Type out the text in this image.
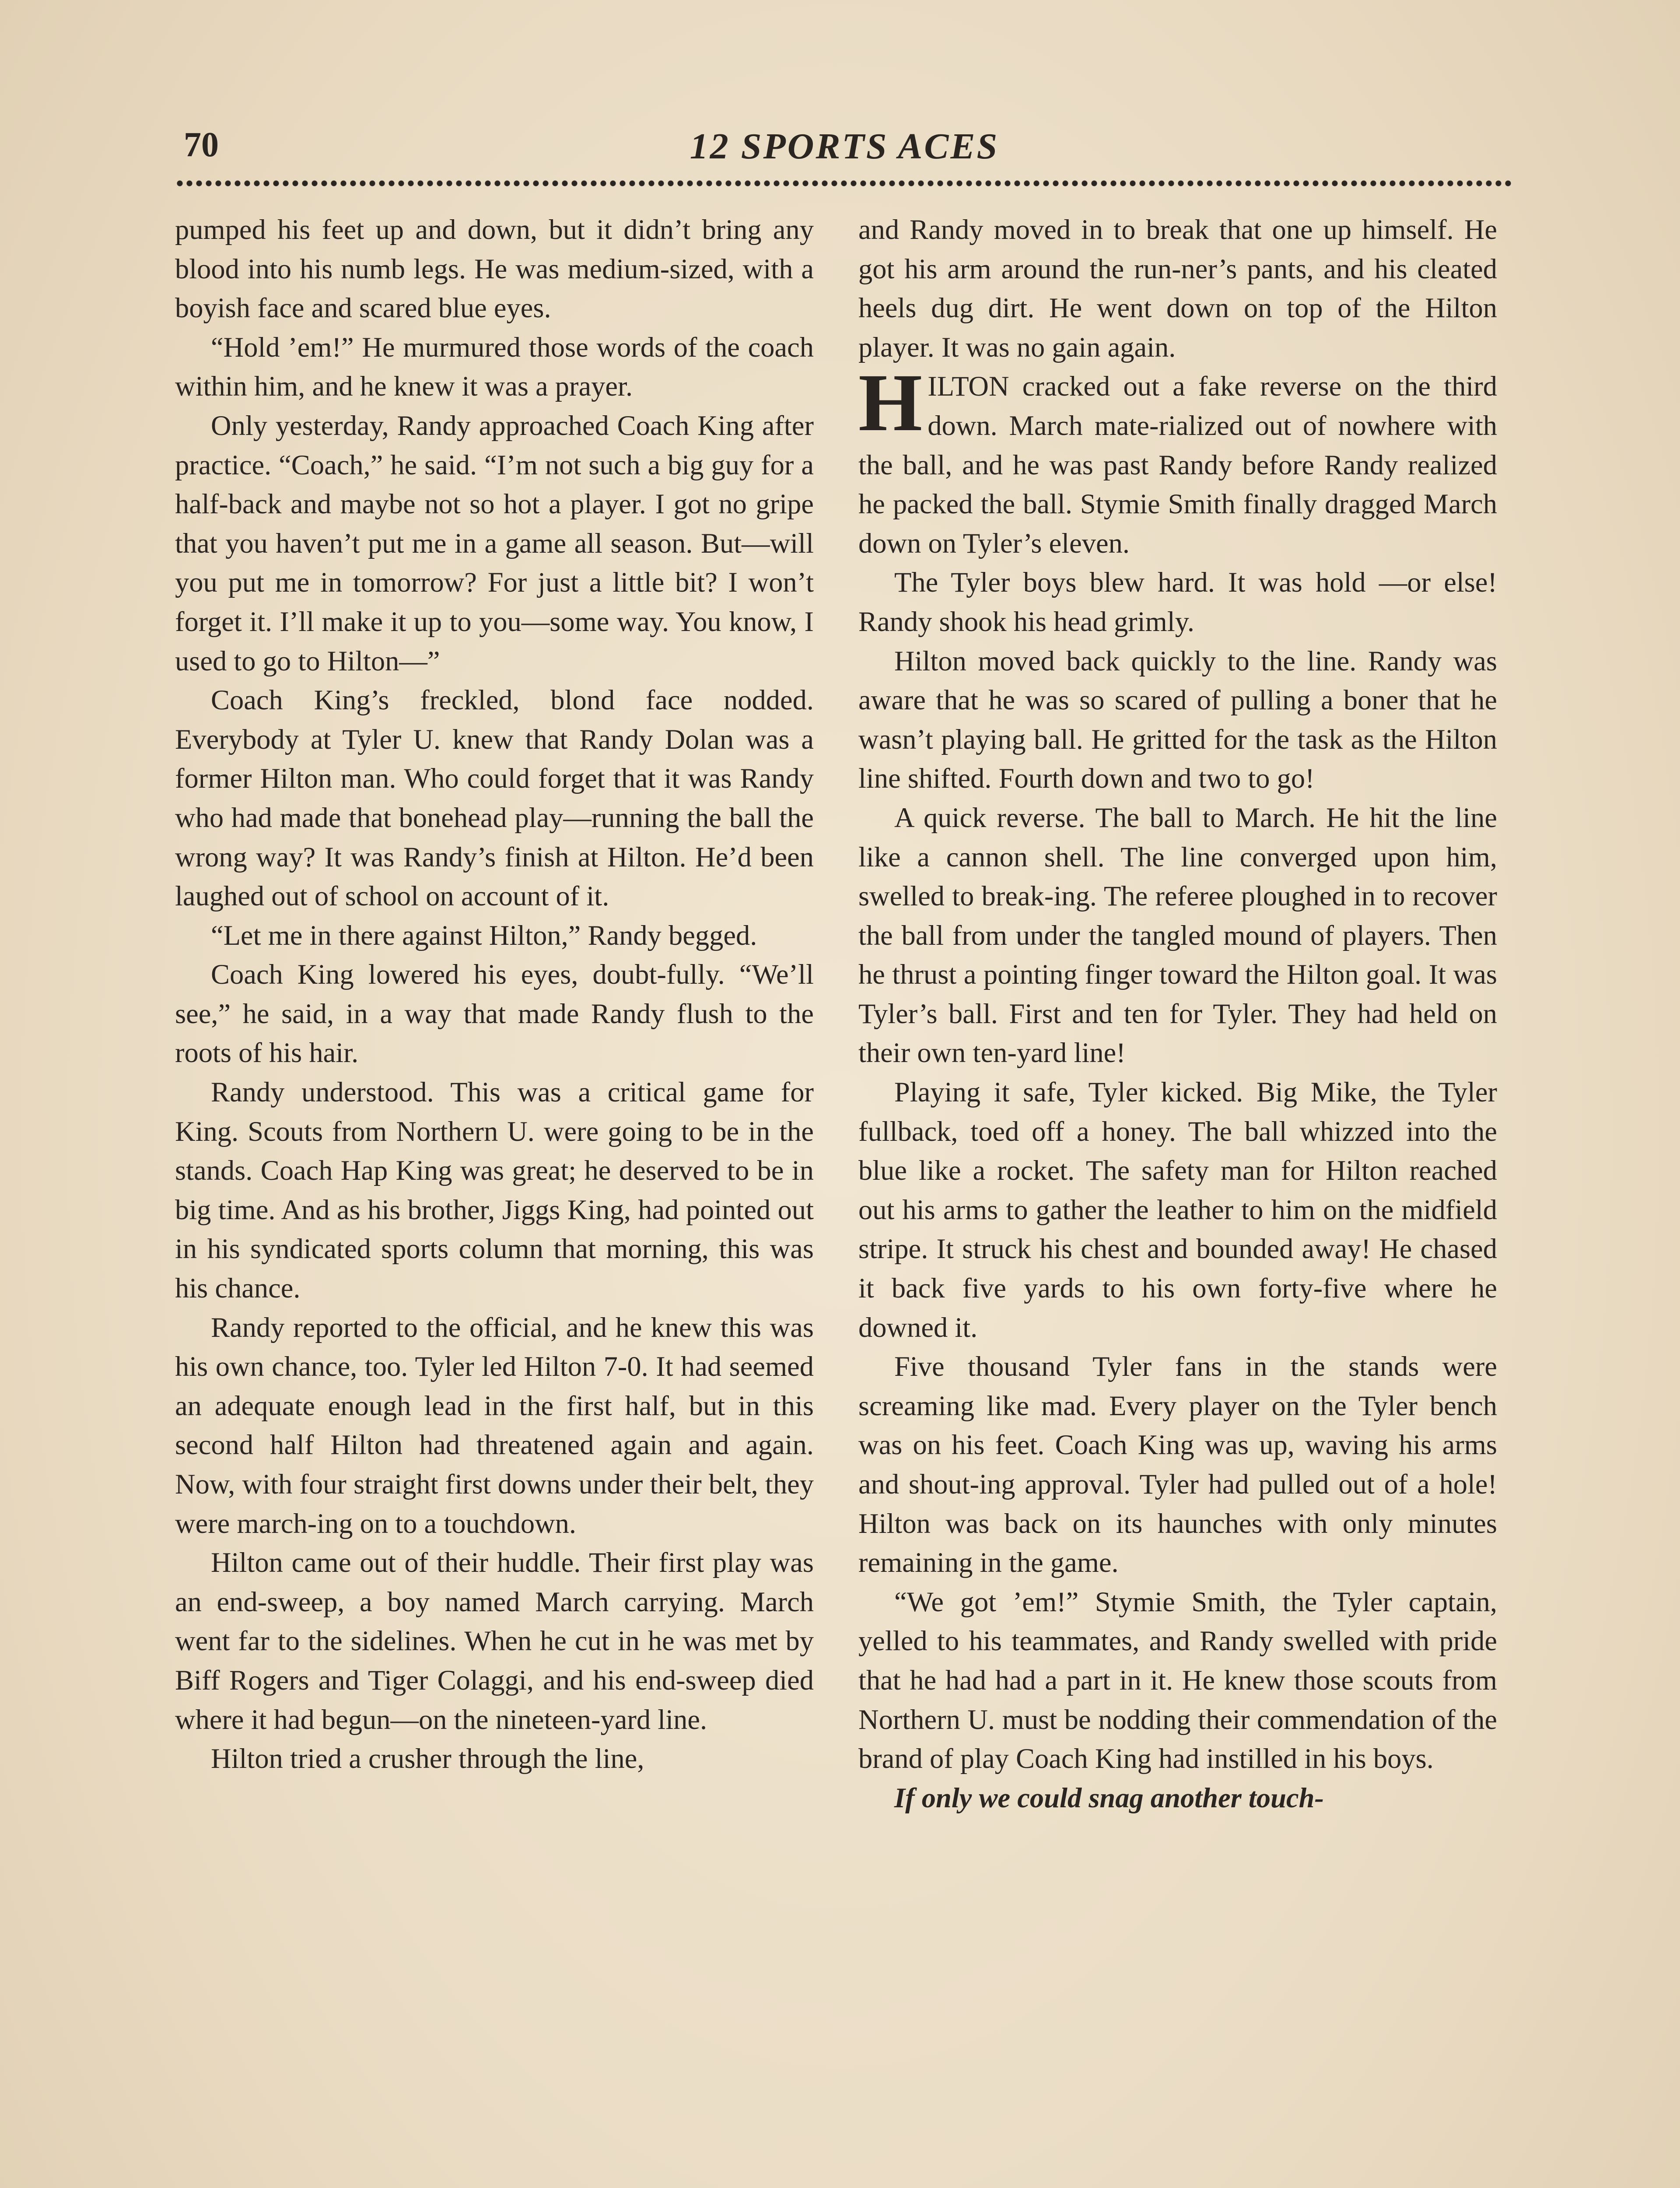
70	12 SPORTS ACES

pumped his feet up and down, but it didn’t bring any blood into his numb legs. He was medium-sized, with a boyish face and scared blue eyes.

“Hold ’em!” He murmured those words of the coach within him, and he knew it was a prayer.

Only yesterday, Randy approached Coach King after practice. “Coach,” he said. “I’m not such a big guy for a half-back and maybe not so hot a player. I got no gripe that you haven’t put me in a game all season. But—will you put me in tomorrow? For just a little bit? I won’t forget it. I’ll make it up to you—some way. You know, I used to go to Hilton—”

Coach King’s freckled, blond face nodded. Everybody at Tyler U. knew that Randy Dolan was a former Hilton man. Who could forget that it was Randy who had made that bonehead play—running the ball the wrong way? It was Randy’s finish at Hilton. He’d been laughed out of school on account of it.

“Let me in there against Hilton,” Randy begged.

Coach King lowered his eyes, doubt-fully. “We’ll see,” he said, in a way that made Randy flush to the roots of his hair.

Randy understood. This was a critical game for King. Scouts from Northern U. were going to be in the stands. Coach Hap King was great; he deserved to be in big time. And as his brother, Jiggs King, had pointed out in his syndicated sports column that morning, this was his chance.

Randy reported to the official, and he knew this was his own chance, too. Tyler led Hilton 7-0. It had seemed an adequate enough lead in the first half, but in this second half Hilton had threatened again and again. Now, with four straight first downs under their belt, they were march-ing on to a touchdown.

Hilton came out of their huddle. Their first play was an end-sweep, a boy named March carrying. March went far to the sidelines. When he cut in he was met by Biff Rogers and Tiger Colaggi, and his end-sweep died where it had begun—on the nineteen-yard line.

Hilton tried a crusher through the line,

and Randy moved in to break that one up himself. He got his arm around the run-ner’s pants, and his cleated heels dug dirt. He went down on top of the Hilton player. It was no gain again.

HILTON cracked out a fake reverse on the third down. March mate-rialized out of nowhere with the ball, and he was past Randy before Randy realized he packed the ball. Stymie Smith finally dragged March down on Tyler’s eleven.

The Tyler boys blew hard. It was hold —or else! Randy shook his head grimly.

Hilton moved back quickly to the line. Randy was aware that he was so scared of pulling a boner that he wasn’t playing ball. He gritted for the task as the Hilton line shifted. Fourth down and two to go!

A quick reverse. The ball to March. He hit the line like a cannon shell. The line converged upon him, swelled to break-ing. The referee ploughed in to recover the ball from under the tangled mound of players. Then he thrust a pointing finger toward the Hilton goal. It was Tyler’s ball. First and ten for Tyler. They had held on their own ten-yard line!

Playing it safe, Tyler kicked. Big Mike, the Tyler fullback, toed off a honey. The ball whizzed into the blue like a rocket. The safety man for Hilton reached out his arms to gather the leather to him on the midfield stripe. It struck his chest and bounded away! He chased it back five yards to his own forty-five where he downed it.

Five thousand Tyler fans in the stands were screaming like mad. Every player on the Tyler bench was on his feet. Coach King was up, waving his arms and shout-ing approval. Tyler had pulled out of a hole! Hilton was back on its haunches with only minutes remaining in the game.

“We got ’em!” Stymie Smith, the Tyler captain, yelled to his teammates, and Randy swelled with pride that he had had a part in it. He knew those scouts from Northern U. must be nodding their commendation of the brand of play Coach King had instilled in his boys.

If only we could snag another touch-
